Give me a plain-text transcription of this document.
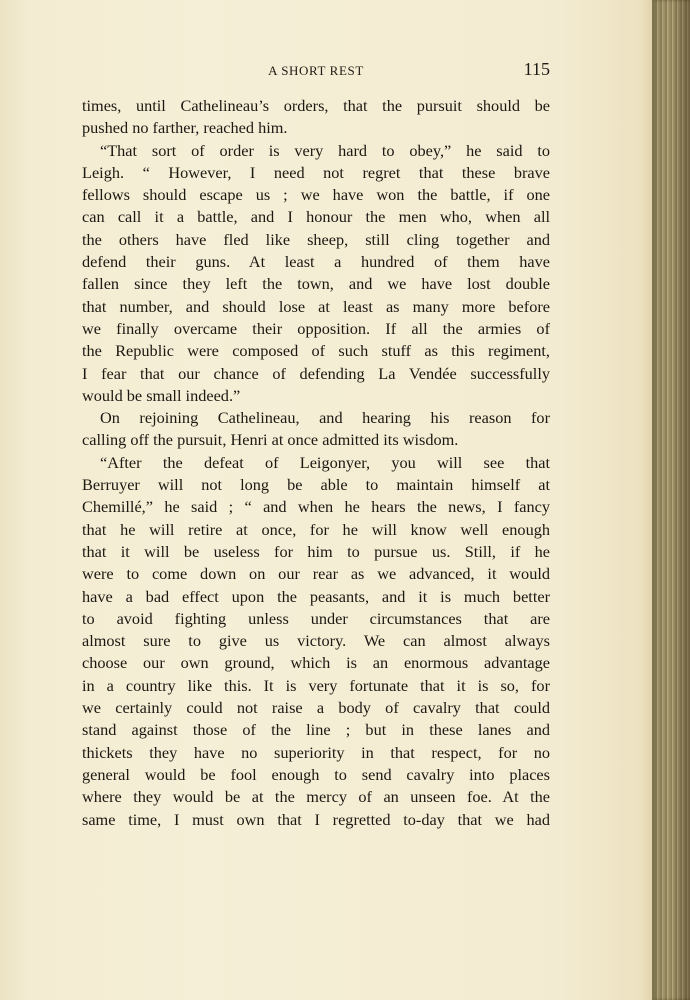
A SHORT REST	115
times, until Cathelineau’s orders, that the pursuit should be
pushed no farther, reached him.
“That sort of order is very hard to obey,” he said to
Leigh. “ However, I need not regret that these brave
fellows should escape us ; we have won the battle, if one
can call it a battle, and I honour the men who, when all
the others have fled like sheep, still cling together and
defend their guns. At least a hundred of them have
fallen since they left the town, and we have lost double
that number, and should lose at least as many more before
we finally overcame their opposition. If all the armies of
the Republic were composed of such stuff as this regiment,
I fear that our chance of defending La Vendée successfully
would be small indeed.”
On rejoining Cathelineau, and hearing his reason for
calling off the pursuit, Henri at once admitted its wisdom.
“After the defeat of Leigonyer, you will see that
Berruyer will not long be able to maintain himself at
Chemillé,” he said ; “ and when he hears the news, I fancy
that he will retire at once, for he will know well enough
that it will be useless for him to pursue us. Still, if he
were to come down on our rear as we advanced, it would
have a bad effect upon the peasants, and it is much better
to avoid fighting unless under circumstances that are
almost sure to give us victory. We can almost always
choose our own ground, which is an enormous advantage
in a country like this. It is very fortunate that it is so, for
we certainly could not raise a body of cavalry that could
stand against those of the line ; but in these lanes and
thickets they have no superiority in that respect, for no
general would be fool enough to send cavalry into places
where they would be at the mercy of an unseen foe. At the
same time, I must own that I regretted to-day that we had
